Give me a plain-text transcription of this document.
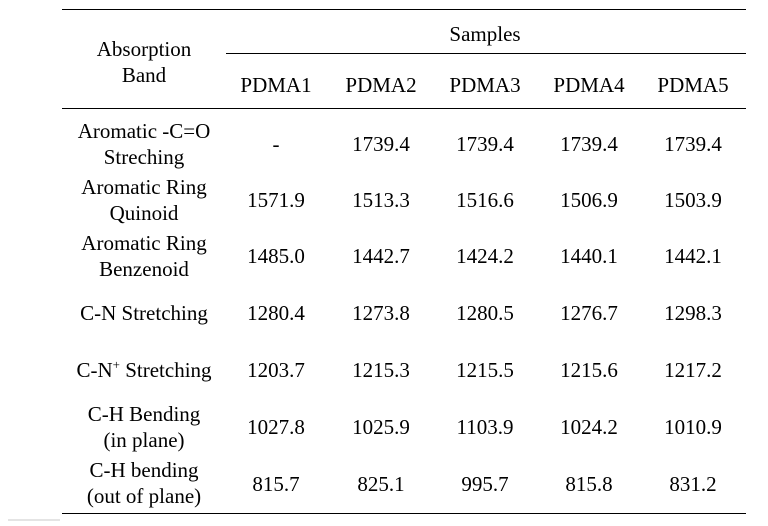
Absorption
Band
Samples
PDMA1 PDMA2 PDMA3 PDMA4 PDMA5
Aromatic -C=O
Streching
-	1739.4 1739.4 1739.4 1739.4
Aromatic Ring
Quinoid
1571.9 1513.3 1516.6 1506.9 1503.9
Aromatic Ring
Benzenoid
1485.0 1442.7 1424.2 1440.1 1442.1
C-N Stretching	1280.4 1273.8 1280.5 1276.7 1298.3
C-N+ Stretching	1203.7 1215.3 1215.5 1215.6 1217.2
C-H Bending
(in plane)
1027.8 1025.9 1103.9 1024.2 1010.9
C-H bending
(out of plane)	815.7	825.1	995.7	815.8	831.2
